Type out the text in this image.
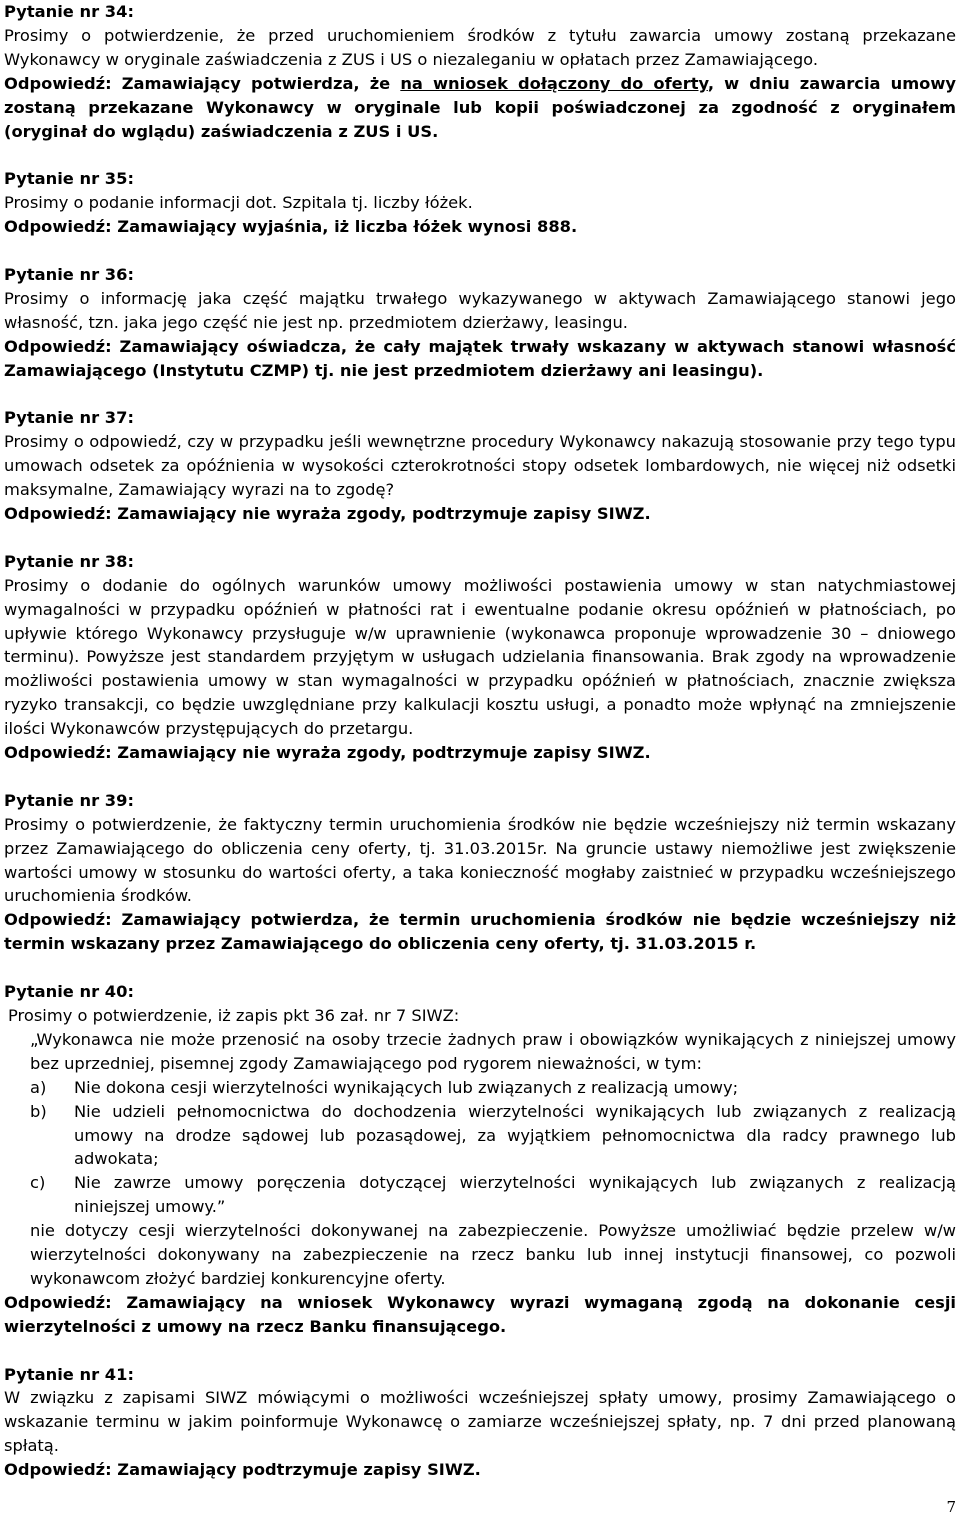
Pytanie nr 34:

Prosimy o potwierdzenie, że przed uruchomieniem środków z tytułu zawarcia umowy zostaną przekazane Wykonawcy w oryginale zaświadczenia z ZUS i US o niezaleganiu w opłatach przez Zamawiającego.

Odpowiedź: Zamawiający potwierdza, że na wniosek dołączony do oferty, w dniu zawarcia umowy zostaną przekazane Wykonawcy w oryginale lub kopii poświadczonej za zgodność z oryginałem (oryginał do wglądu) zaświadczenia z ZUS i US.

Pytanie nr 35:

Prosimy o podanie informacji dot. Szpitala tj. liczby łóżek.

Odpowiedź: Zamawiający wyjaśnia, iż liczba łóżek wynosi 888.

Pytanie nr 36:

Prosimy o informację jaka część majątku trwałego wykazywanego w aktywach Zamawiającego stanowi jego własność, tzn. jaka jego część nie jest np. przedmiotem dzierżawy, leasingu.

Odpowiedź: Zamawiający oświadcza, że cały majątek trwały wskazany w aktywach stanowi własność Zamawiającego (Instytutu CZMP) tj. nie jest przedmiotem dzierżawy ani leasingu).

Pytanie nr 37:

Prosimy o odpowiedź, czy w przypadku jeśli wewnętrzne procedury Wykonawcy nakazują stosowanie przy tego typu umowach odsetek za opóźnienia w wysokości czterokrotności stopy odsetek lombardowych, nie więcej niż odsetki maksymalne, Zamawiający wyrazi na to zgodę?

Odpowiedź: Zamawiający nie wyraża zgody, podtrzymuje zapisy SIWZ.

Pytanie nr 38:

Prosimy o dodanie do ogólnych warunków umowy możliwości postawienia umowy w stan natychmiastowej wymagalności w przypadku opóźnień w płatności rat i ewentualne podanie okresu opóźnień w płatnościach, po upływie którego Wykonawcy przysługuje w/w uprawnienie (wykonawca proponuje wprowadzenie 30 – dniowego terminu). Powyższe jest standardem przyjętym w usługach udzielania finansowania. Brak zgody na wprowadzenie możliwości postawienia umowy w stan wymagalności w przypadku opóźnień w płatnościach, znacznie zwiększa ryzyko transakcji, co będzie uwzględniane przy kalkulacji kosztu usługi, a ponadto może wpłynąć na zmniejszenie ilości Wykonawców przystępujących do przetargu.

Odpowiedź: Zamawiający nie wyraża zgody, podtrzymuje zapisy SIWZ.

Pytanie nr 39:

Prosimy o potwierdzenie, że faktyczny termin uruchomienia środków nie będzie wcześniejszy niż termin wskazany przez Zamawiającego do obliczenia ceny oferty, tj. 31.03.2015r. Na gruncie ustawy niemożliwe jest zwiększenie wartości umowy w stosunku do wartości oferty, a taka konieczność mogłaby zaistnieć w przypadku wcześniejszego uruchomienia środków.

Odpowiedź: Zamawiający potwierdza, że termin uruchomienia środków nie będzie wcześniejszy niż termin wskazany przez Zamawiającego do obliczenia ceny oferty, tj. 31.03.2015 r.

Pytanie nr 40:

Prosimy o potwierdzenie, iż zapis pkt 36 zał. nr 7 SIWZ:

„Wykonawca nie może przenosić na osoby trzecie żadnych praw i obowiązków wynikających z niniejszej umowy bez uprzedniej, pisemnej zgody Zamawiającego pod rygorem nieważności, w tym:

a)	Nie dokona cesji wierzytelności wynikających lub związanych z realizacją umowy;
b)	Nie udzieli pełnomocnictwa do dochodzenia wierzytelności wynikających lub związanych z realizacją umowy na drodze sądowej lub pozasądowej, za wyjątkiem pełnomocnictwa dla radcy prawnego lub adwokata;
c)	Nie zawrze umowy poręczenia dotyczącej wierzytelności wynikających lub związanych z realizacją niniejszej umowy.”

nie dotyczy cesji wierzytelności dokonywanej na zabezpieczenie. Powyższe umożliwiać będzie przelew w/w wierzytelności dokonywany na zabezpieczenie na rzecz banku lub innej instytucji finansowej, co pozwoli wykonawcom złożyć bardziej konkurencyjne oferty.

Odpowiedź: Zamawiający na wniosek Wykonawcy wyrazi wymaganą zgodą na dokonanie cesji wierzytelności z umowy na rzecz Banku finansującego.

Pytanie nr 41:

W związku z zapisami SIWZ mówiącymi o możliwości wcześniejszej spłaty umowy, prosimy Zamawiającego o wskazanie terminu w jakim poinformuje Wykonawcę o zamiarze wcześniejszej spłaty, np. 7 dni przed planowaną spłatą.

Odpowiedź: Zamawiający podtrzymuje zapisy SIWZ.

7
